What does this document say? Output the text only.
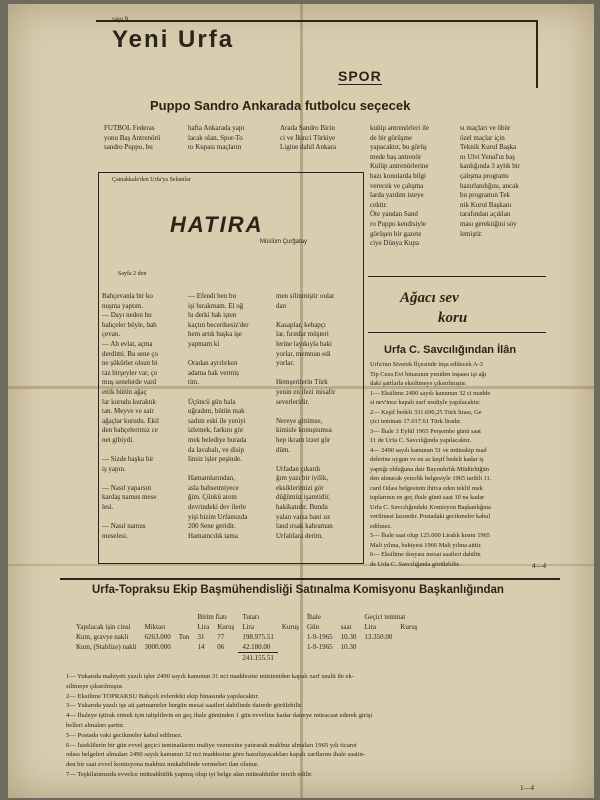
sayı 9
Yeni Urfa
SPOR
Puppo Sandro Ankarada futbolcu seçecek
FUTBOL Federas
yonu Baş Antrenörü
sandro Puppo, bu
hafta Ankarada yapı
lacak olan, Spor-To
to Kupası maçların
Arada Sandro Birin
ci ve İkinci Türkiye
Ligine dahil Ankara
kulüp antrenörleri ile
de bir görüşme
yapacaktır, bu görüş
mede baş antrenör
Kulüp antrenörlerine
bazı konularda bilgi
verecek ve çalışma
larda yardım isteye
cektir.
Öte yandan Sand
ro Puppo kendisiyle
görüşen bir gazete
ciye Dünya Kupa
sı maçları ve öbür
özel maçlar için
Teknik Kurul Başka
nı Ulvi Yenal'ın baş
kanlığında 3 aylık bir
çalışma programı
hazırlandığını, ancak
bu programın Tek
nik Kurul Başkanı
tarafından açıklan
ması gerektiğini söy
lemiştir.
Çamakkale'den Urfa'ya Selamlar
HATIRA
Müslüm Çurğatay
Sayfa 2 den
Bahçevanla bir ko
nuşma yaptım.
— Dayı neden bu
bahçeler böyle, bah
çevan.
— Ah evlat, açma
derdimi. Bu sene ço
ne şükürler olsun bi
raz birşeyler var, ço
muş senelerde vard
ettik bütün ağaç
lar kurudu kuraktık
tan. Meyve ve sair
ağaçlar kurudu. Ekil
den bahçelerimiz ce
net gibiydi.

— Sizde başka bir
iş yapın.

— Nasıl yaparsın
kardaş namus mese
lesi.

— Nasıl namus
meselesi.
— Efendi ben bu
işi bırakmam. El oğ
lu derki hak işten
kaçtın becerikesiz'der
hem artık başka işe
yapmam ki

Oradan ayrılırken
adama hak vermiş
tim.

Üçüncü gün bala
uğradım, bütün mak
sadım eski ile yeniyi
izlemek, farkını gör
mek belediye burada
da lavabalı, ve disip
linsiz işler peşinde.

Hamamlarından,
asla bahsetmiyece
ğim. Çünkü atom
devrindeki dev ilerle
yişi bizim Urfamızda
200 Sene geridir.
Hamamcılık tama
men silinmiştir oular
dan

Kasaplar, kebapçı
lar, fırınlar müşteri
lerine layıkıyla baki
yorlar, memnun edi
yorlar.

Hemşerilerin Türk
yenin en ilezi misafir
severleridir.

Nereye gittimse,
kimisle konuştumsa
hep ikram izzet gör
düm.

Urfadan çıkardı
ğım yazı bir iyilik,
eksiklerimizi gör
düğümüz işaretidir,
hakikatıdır. Bunda
yalan varsa bani ıız
land ırsak kahraman
Urfalılara derim.
Ağacı sev
koru
Urfa C. Savcılığından İlân
Urfa'nın Siverek İlçesinde inşa edilecek A-3
Tip Ceza Evi binasının yeniden inşaası işi ağı
daki şartlarla eksiltmeye çıkarılmıştır.
1— Eksiltme 2490 sayılı kanunun 32 ci madde
si nev'ince kapalı zarf usuliyle yapılacaktır.
2— Keşif bedeli 331.690,25 Türk lirası, Ge
çici teminatı 17.017.61 Türk liradır.
3— İhale 3 Eylül 1965 Perşembe günü saat
11 de Urfa C. Savcılığında yapılacaktır.
4— 2490 sayılı kanunun 31 ve müteakip mad
delerine uygun ve en az keşif bedeli kadar iş
yaptığı olduğuna dair Bayındırlık Müdürlüğün
den alınacak yeterlik belgesiyle 1965 tarihli 11.
card Odası belgesinin ihtiva eden teklif mek
tuplarının en geç ihale günü saat 10 na kadar
Urfa C. Savcılığındaki Komisyon Başkanlığına
verilmesi lazımdır. Postadaki gecikmeler kabul
edilmez.
5— İhale saat olup 125.000 Liralık kısmı 1965
Mali yılına, bakiyesi 1966 Mali yılına aittir.
6— Eksiltme dosyası mesai saatleri dahilin
de Urfa C. Savcılığında görülebilir.	4—4
Urfa-Topraksu Ekip Başmühendisliği Satınalma Komisyonu Başkanlığından
			Birim fiatı		Tutarı		İhale		Geçici teminat	
Yapılacak işin cinsi	Miktarı		Lira	Kuruş	Lira	Kuruş	Gün	saat	Lira	Kuruş
Kum, gravye nakli	6263.000	Ton	31	77	198.975.51		1-9-1965	10.30	13.350.00	
Kum, (Stablize) nakli	3000.000		14	06	42.180.00		1-9-1965	10.30		
					241.155.51					
1— Yukarıda mahiyeti yazılı işler 2490 sayılı kanunun 31 nci maddesine müsteniden kapalı zarf usulü ile ek-
siltmeye çıkarılmıştır.
2— Eksiltme TOPRAKSU Bahçeli evlerdeki ekip binasında yapılacaktır.
3— Yukarıda yazılı işe ait şartnameler hergün mesai saatleri dahilinde dairede görülebilir.
4— İhaleye iştirak etmek için taliplilerin en geç ihale gününden 1 gün evveline kadar daireye müracaat ederek girişi
belleri almaları şarttır.
5— Postada vaki gecikmeler kabul edilmez.
6— İsteklilerin bir gün evvel geçici teminatlarını maliye veznesine yatırarak makbuz almaları 1965 yılı ticaret
odası belgeleri almaları 2490 sayılı kanunun 32 nci maddesine göre hazırlayacakları kapalı zarflarını ihale saatin-
den bir saat evvel komisyona makbuz mukabilinde vermeleri ilan olunur.
7— Teşkilatımızda evvelce müteahhitlik yapmış olup iyi belge alan müteahhitler tercih edilir.
1—4
